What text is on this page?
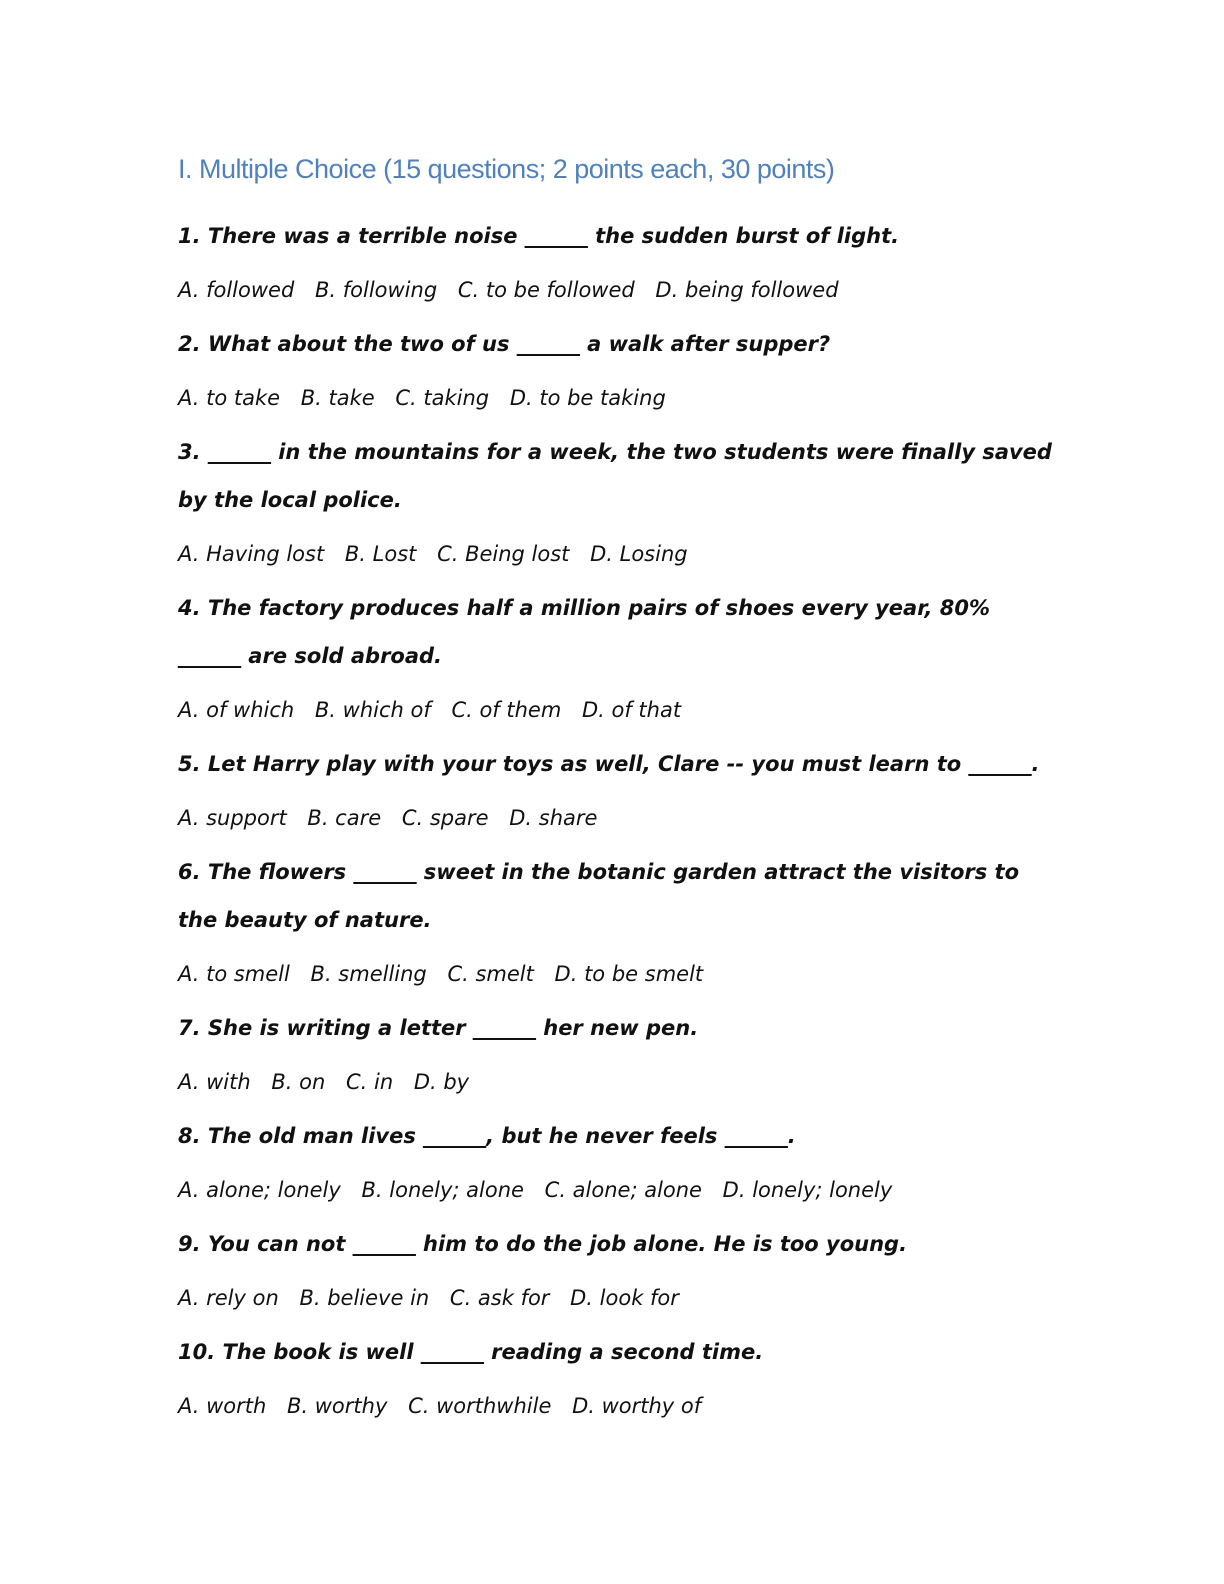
I. Multiple Choice (15 questions; 2 points each, 30 points)
1. There was a terrible noise ______ the sudden burst of light.
A. followed B. following C. to be followed D. being followed
2. What about the two of us ______ a walk after supper?
A. to take B. take C. taking D. to be taking
3. ______ in the mountains for a week, the two students were finally saved by the local police.
A. Having lost B. Lost C. Being lost D. Losing
4. The factory produces half a million pairs of shoes every year, 80% ______ are sold abroad.
A. of which B. which of C. of them D. of that
5. Let Harry play with your toys as well, Clare -- you must learn to ______.
A. support B. care C. spare D. share
6. The flowers ______ sweet in the botanic garden attract the visitors to the beauty of nature.
A. to smell B. smelling C. smelt D. to be smelt
7. She is writing a letter ______ her new pen.
A. with B. on C. in D. by
8. The old man lives ______, but he never feels ______.
A. alone; lonely B. lonely; alone C. alone; alone D. lonely; lonely
9. You can not ______ him to do the job alone. He is too young.
A. rely on B. believe in C. ask for D. look for
10. The book is well ______ reading a second time.
A. worth B. worthy C. worthwhile D. worthy of
